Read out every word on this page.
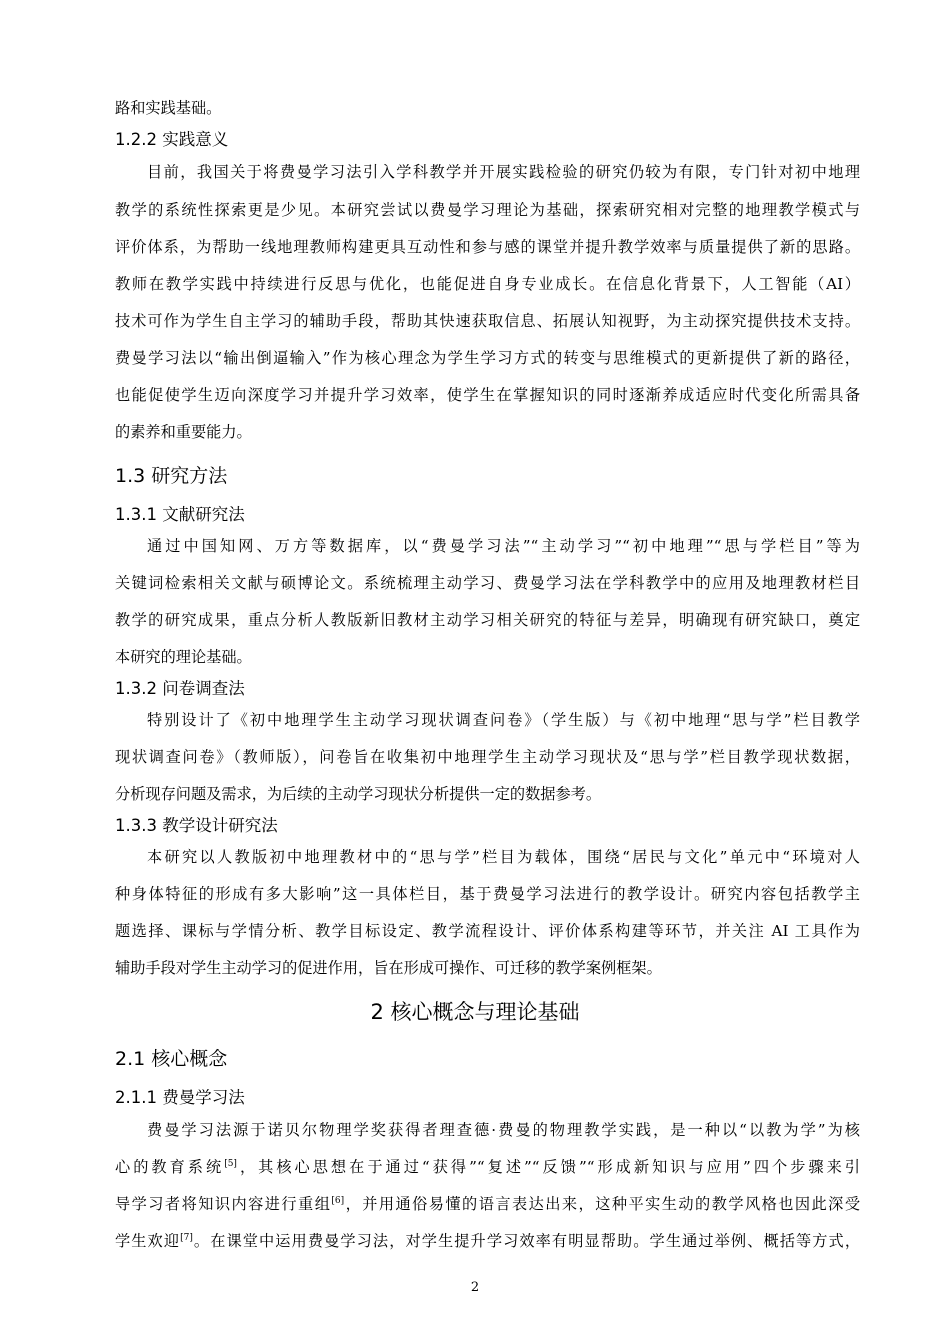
路和实践基础。
1.2.2 实践意义
目前，我国关于将费曼学习法引入学科教学并开展实践检验的研究仍较为有限，专门针对初中地理
教学的系统性探索更是少见。本研究尝试以费曼学习理论为基础，探索研究相对完整的地理教学模式与
评价体系，为帮助一线地理教师构建更具互动性和参与感的课堂并提升教学效率与质量提供了新的思路。
教师在教学实践中持续进行反思与优化，也能促进自身专业成长。在信息化背景下，人工智能（AI）
技术可作为学生自主学习的辅助手段，帮助其快速获取信息、拓展认知视野，为主动探究提供技术支持。
费曼学习法以“输出倒逼输入”作为核心理念为学生学习方式的转变与思维模式的更新提供了新的路径，
也能促使学生迈向深度学习并提升学习效率，使学生在掌握知识的同时逐渐养成适应时代变化所需具备
的素养和重要能力。
1.3 研究方法
1.3.1 文献研究法
通过中国知网、万方等数据库，以“费曼学习法”“主动学习”“初中地理”“思与学栏目”等为
关键词检索相关文献与硕博论文。系统梳理主动学习、费曼学习法在学科教学中的应用及地理教材栏目
教学的研究成果，重点分析人教版新旧教材主动学习相关研究的特征与差异，明确现有研究缺口，奠定
本研究的理论基础。
1.3.2 问卷调查法
特别设计了《初中地理学生主动学习现状调查问卷》（学生版）与《初中地理“思与学”栏目教学
现状调查问卷》（教师版），问卷旨在收集初中地理学生主动学习现状及“思与学”栏目教学现状数据，
分析现存问题及需求，为后续的主动学习现状分析提供一定的数据参考。
1.3.3 教学设计研究法
本研究以人教版初中地理教材中的“思与学”栏目为载体，围绕“居民与文化”单元中“环境对人
种身体特征的形成有多大影响”这一具体栏目，基于费曼学习法进行的教学设计。研究内容包括教学主
题选择、课标与学情分析、教学目标设定、教学流程设计、评价体系构建等环节，并关注 AI 工具作为
辅助手段对学生主动学习的促进作用，旨在形成可操作、可迁移的教学案例框架。
2 核心概念与理论基础
2.1 核心概念
2.1.1 费曼学习法
费曼学习法源于诺贝尔物理学奖获得者理查德·费曼的物理教学实践，是一种以“以教为学”为核
心的教育系统[5]，其核心思想在于通过“获得”“复述”“反馈”“形成新知识与应用”四个步骤来引
导学习者将知识内容进行重组[6]，并用通俗易懂的语言表达出来，这种平实生动的教学风格也因此深受
学生欢迎[7]。在课堂中运用费曼学习法，对学生提升学习效率有明显帮助。学生通过举例、概括等方式，
2
